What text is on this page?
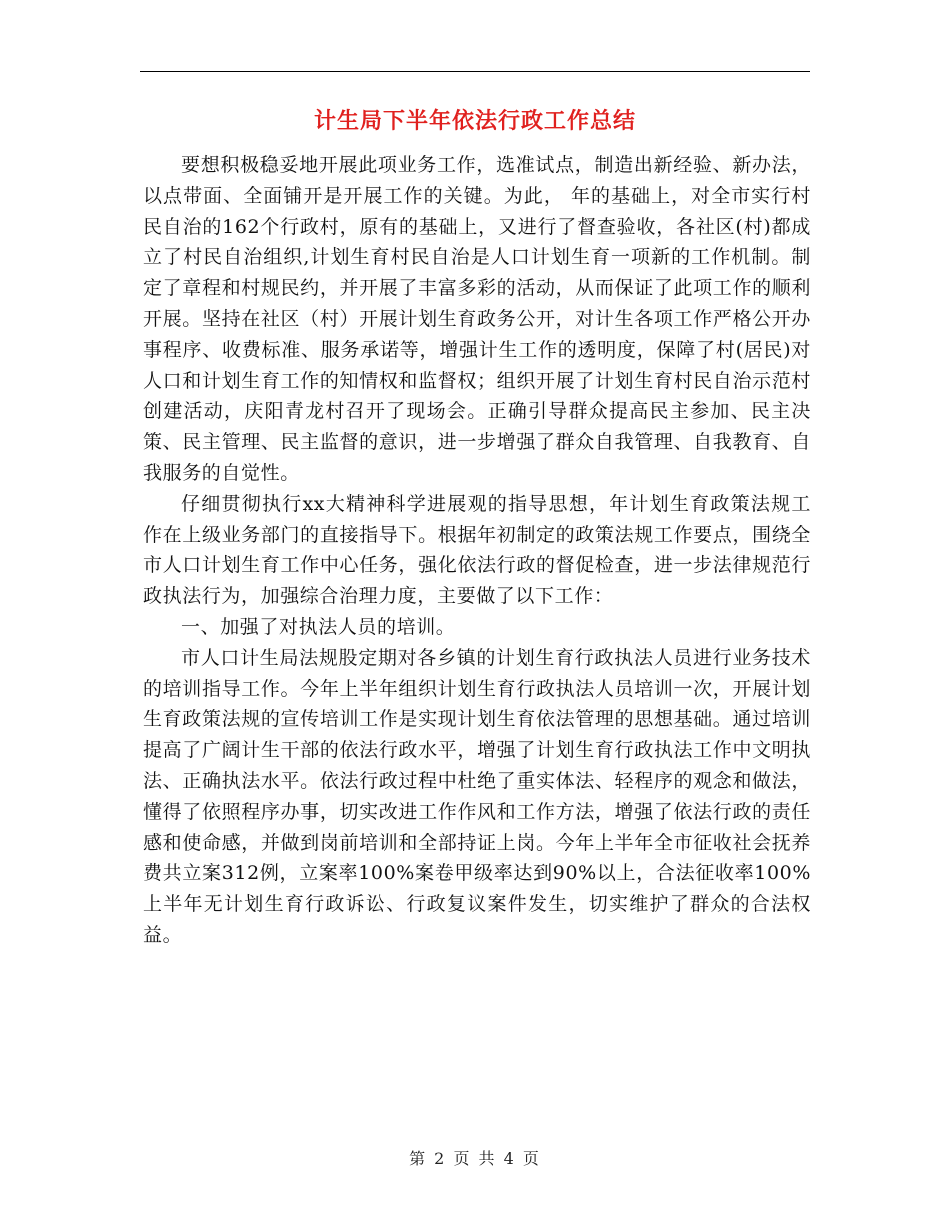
计生局下半年依法行政工作总结

要想积极稳妥地开展此项业务工作，选准试点，制造出新经验、新办法，以点带面、全面铺开是开展工作的关键。为此， 年的基础上，对全市实行村民自治的162个行政村，原有的基础上，又进行了督查验收，各社区(村)都成立了村民自治组织,计划生育村民自治是人口计划生育一项新的工作机制。制定了章程和村规民约，并开展了丰富多彩的活动，从而保证了此项工作的顺利开展。坚持在社区（村）开展计划生育政务公开，对计生各项工作严格公开办事程序、收费标准、服务承诺等，增强计生工作的透明度，保障了村(居民)对人口和计划生育工作的知情权和监督权；组织开展了计划生育村民自治示范村创建活动，庆阳青龙村召开了现场会。正确引导群众提高民主参加、民主决策、民主管理、民主监督的意识，进一步增强了群众自我管理、自我教育、自我服务的自觉性。

仔细贯彻执行xx大精神科学进展观的指导思想，年计划生育政策法规工作在上级业务部门的直接指导下。根据年初制定的政策法规工作要点，围绕全市人口计划生育工作中心任务，强化依法行政的督促检查，进一步法律规范行政执法行为，加强综合治理力度，主要做了以下工作：

一、加强了对执法人员的培训。

市人口计生局法规股定期对各乡镇的计划生育行政执法人员进行业务技术的培训指导工作。今年上半年组织计划生育行政执法人员培训一次，开展计划生育政策法规的宣传培训工作是实现计划生育依法管理的思想基础。通过培训提高了广阔计生干部的依法行政水平，增强了计划生育行政执法工作中文明执法、正确执法水平。依法行政过程中杜绝了重实体法、轻程序的观念和做法，懂得了依照程序办事，切实改进工作作风和工作方法，增强了依法行政的责任感和使命感，并做到岗前培训和全部持证上岗。今年上半年全市征收社会抚养费共立案312例，立案率100%案卷甲级率达到90%以上，合法征收率100%上半年无计划生育行政诉讼、行政复议案件发生，切实维护了群众的合法权益。

第 2 页 共 4 页
